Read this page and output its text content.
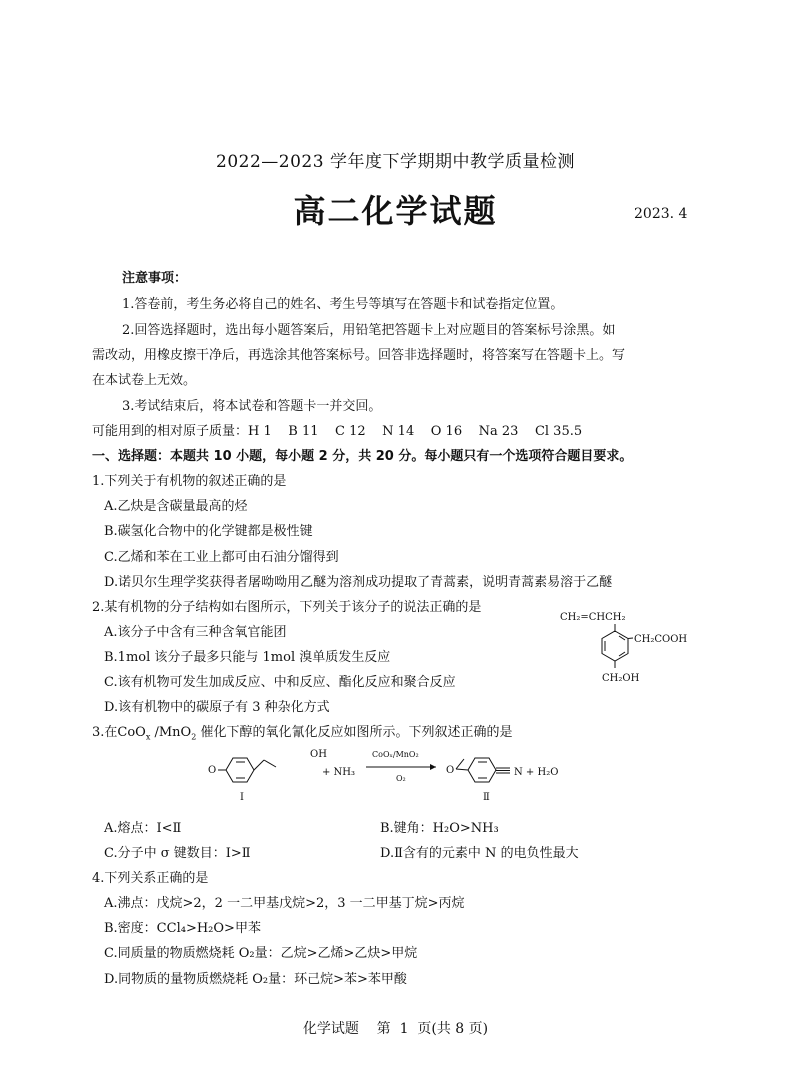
2022—2023 学年度下学期期中教学质量检测
高二化学试题	2023. 4
注意事项：
1.答卷前，考生务必将自己的姓名、考生号等填写在答题卡和试卷指定位置。
2.回答选择题时，选出每小题答案后，用铅笔把答题卡上对应题目的答案标号涂黑。如
需改动，用橡皮擦干净后，再选涂其他答案标号。回答非选择题时，将答案写在答题卡上。写
在本试卷上无效。
3.考试结束后，将本试卷和答题卡一并交回。
可能用到的相对原子质量：H 1    B 11    C 12    N 14    O 16    Na 23    Cl 35.5
一、选择题：本题共 10 小题，每小题 2 分，共 20 分。每小题只有一个选项符合题目要求。
1.下列关于有机物的叙述正确的是
A.乙炔是含碳量最高的烃
B.碳氢化合物中的化学键都是极性键
C.乙烯和苯在工业上都可由石油分馏得到
D.诺贝尔生理学奖获得者屠呦呦用乙醚为溶剂成功提取了青蒿素，说明青蒿素易溶于乙醚
2.某有机物的分子结构如右图所示，下列关于该分子的说法正确的是
A.该分子中含有三种含氧官能团
B.1mol 该分子最多只能与 1mol 溴单质发生反应
C.该有机物可发生加成反应、中和反应、酯化反应和聚合反应
D.该有机物中的碳原子有 3 种杂化方式
CH₂=CHCH₂
CH₂COOH
CH₂OH
3.在CoO$_x$ /MnO$_2$ 催化下醇的氧化氰化反应如图所示。下列叙述正确的是
O
OH
Ⅰ
+ NH₃
CoOₓ/MnO₂
O₂
O	N + H₂O
Ⅱ
A.熔点：Ⅰ<Ⅱ	B.键角：H₂O>NH₃
C.分子中 σ 键数目：Ⅰ>Ⅱ	D.Ⅱ含有的元素中 N 的电负性最大
4.下列关系正确的是
A.沸点：戊烷>2，2 一二甲基戊烷>2，3 一二甲基丁烷>丙烷
B.密度：CCl₄>H₂O>甲苯
C.同质量的物质燃烧耗 O₂量：乙烷>乙烯>乙炔>甲烷
D.同物质的量物质燃烧耗 O₂量：环己烷>苯>苯甲酸
化学试题    第  1  页(共 8 页)
